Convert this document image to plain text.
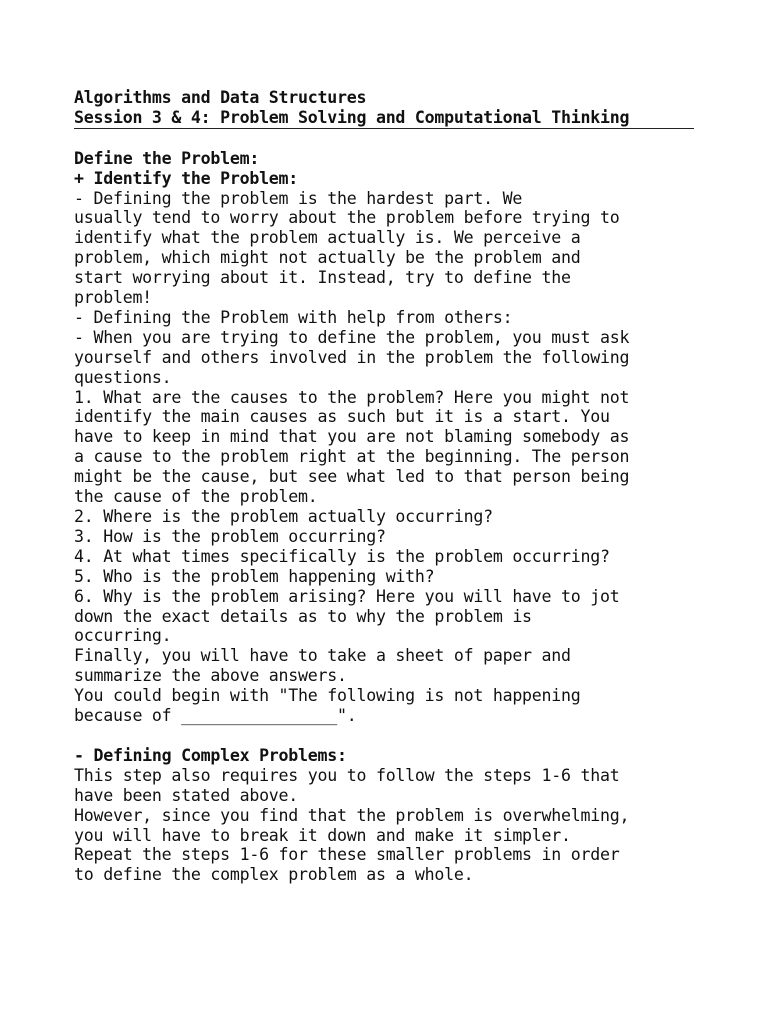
Algorithms and Data Structures
Session 3 & 4: Problem Solving and Computational Thinking
Define the Problem:
+ Identify the Problem:
- Defining the problem is the hardest part. We
usually tend to worry about the problem before trying to
identify what the problem actually is. We perceive a
problem, which might not actually be the problem and
start worrying about it. Instead, try to define the
problem!
- Defining the Problem with help from others:
- When you are trying to define the problem, you must ask
yourself and others involved in the problem the following
questions.
1. What are the causes to the problem? Here you might not
identify the main causes as such but it is a start. You
have to keep in mind that you are not blaming somebody as
a cause to the problem right at the beginning. The person
might be the cause, but see what led to that person being
the cause of the problem.
2. Where is the problem actually occurring?
3. How is the problem occurring?
4. At what times specifically is the problem occurring?
5. Who is the problem happening with?
6. Why is the problem arising? Here you will have to jot
down the exact details as to why the problem is
occurring.
Finally, you will have to take a sheet of paper and
summarize the above answers.
You could begin with "The following is not happening
because of ________________".
- Defining Complex Problems:
This step also requires you to follow the steps 1-6 that
have been stated above.
However, since you find that the problem is overwhelming,
you will have to break it down and make it simpler.
Repeat the steps 1-6 for these smaller problems in order
to define the complex problem as a whole.
